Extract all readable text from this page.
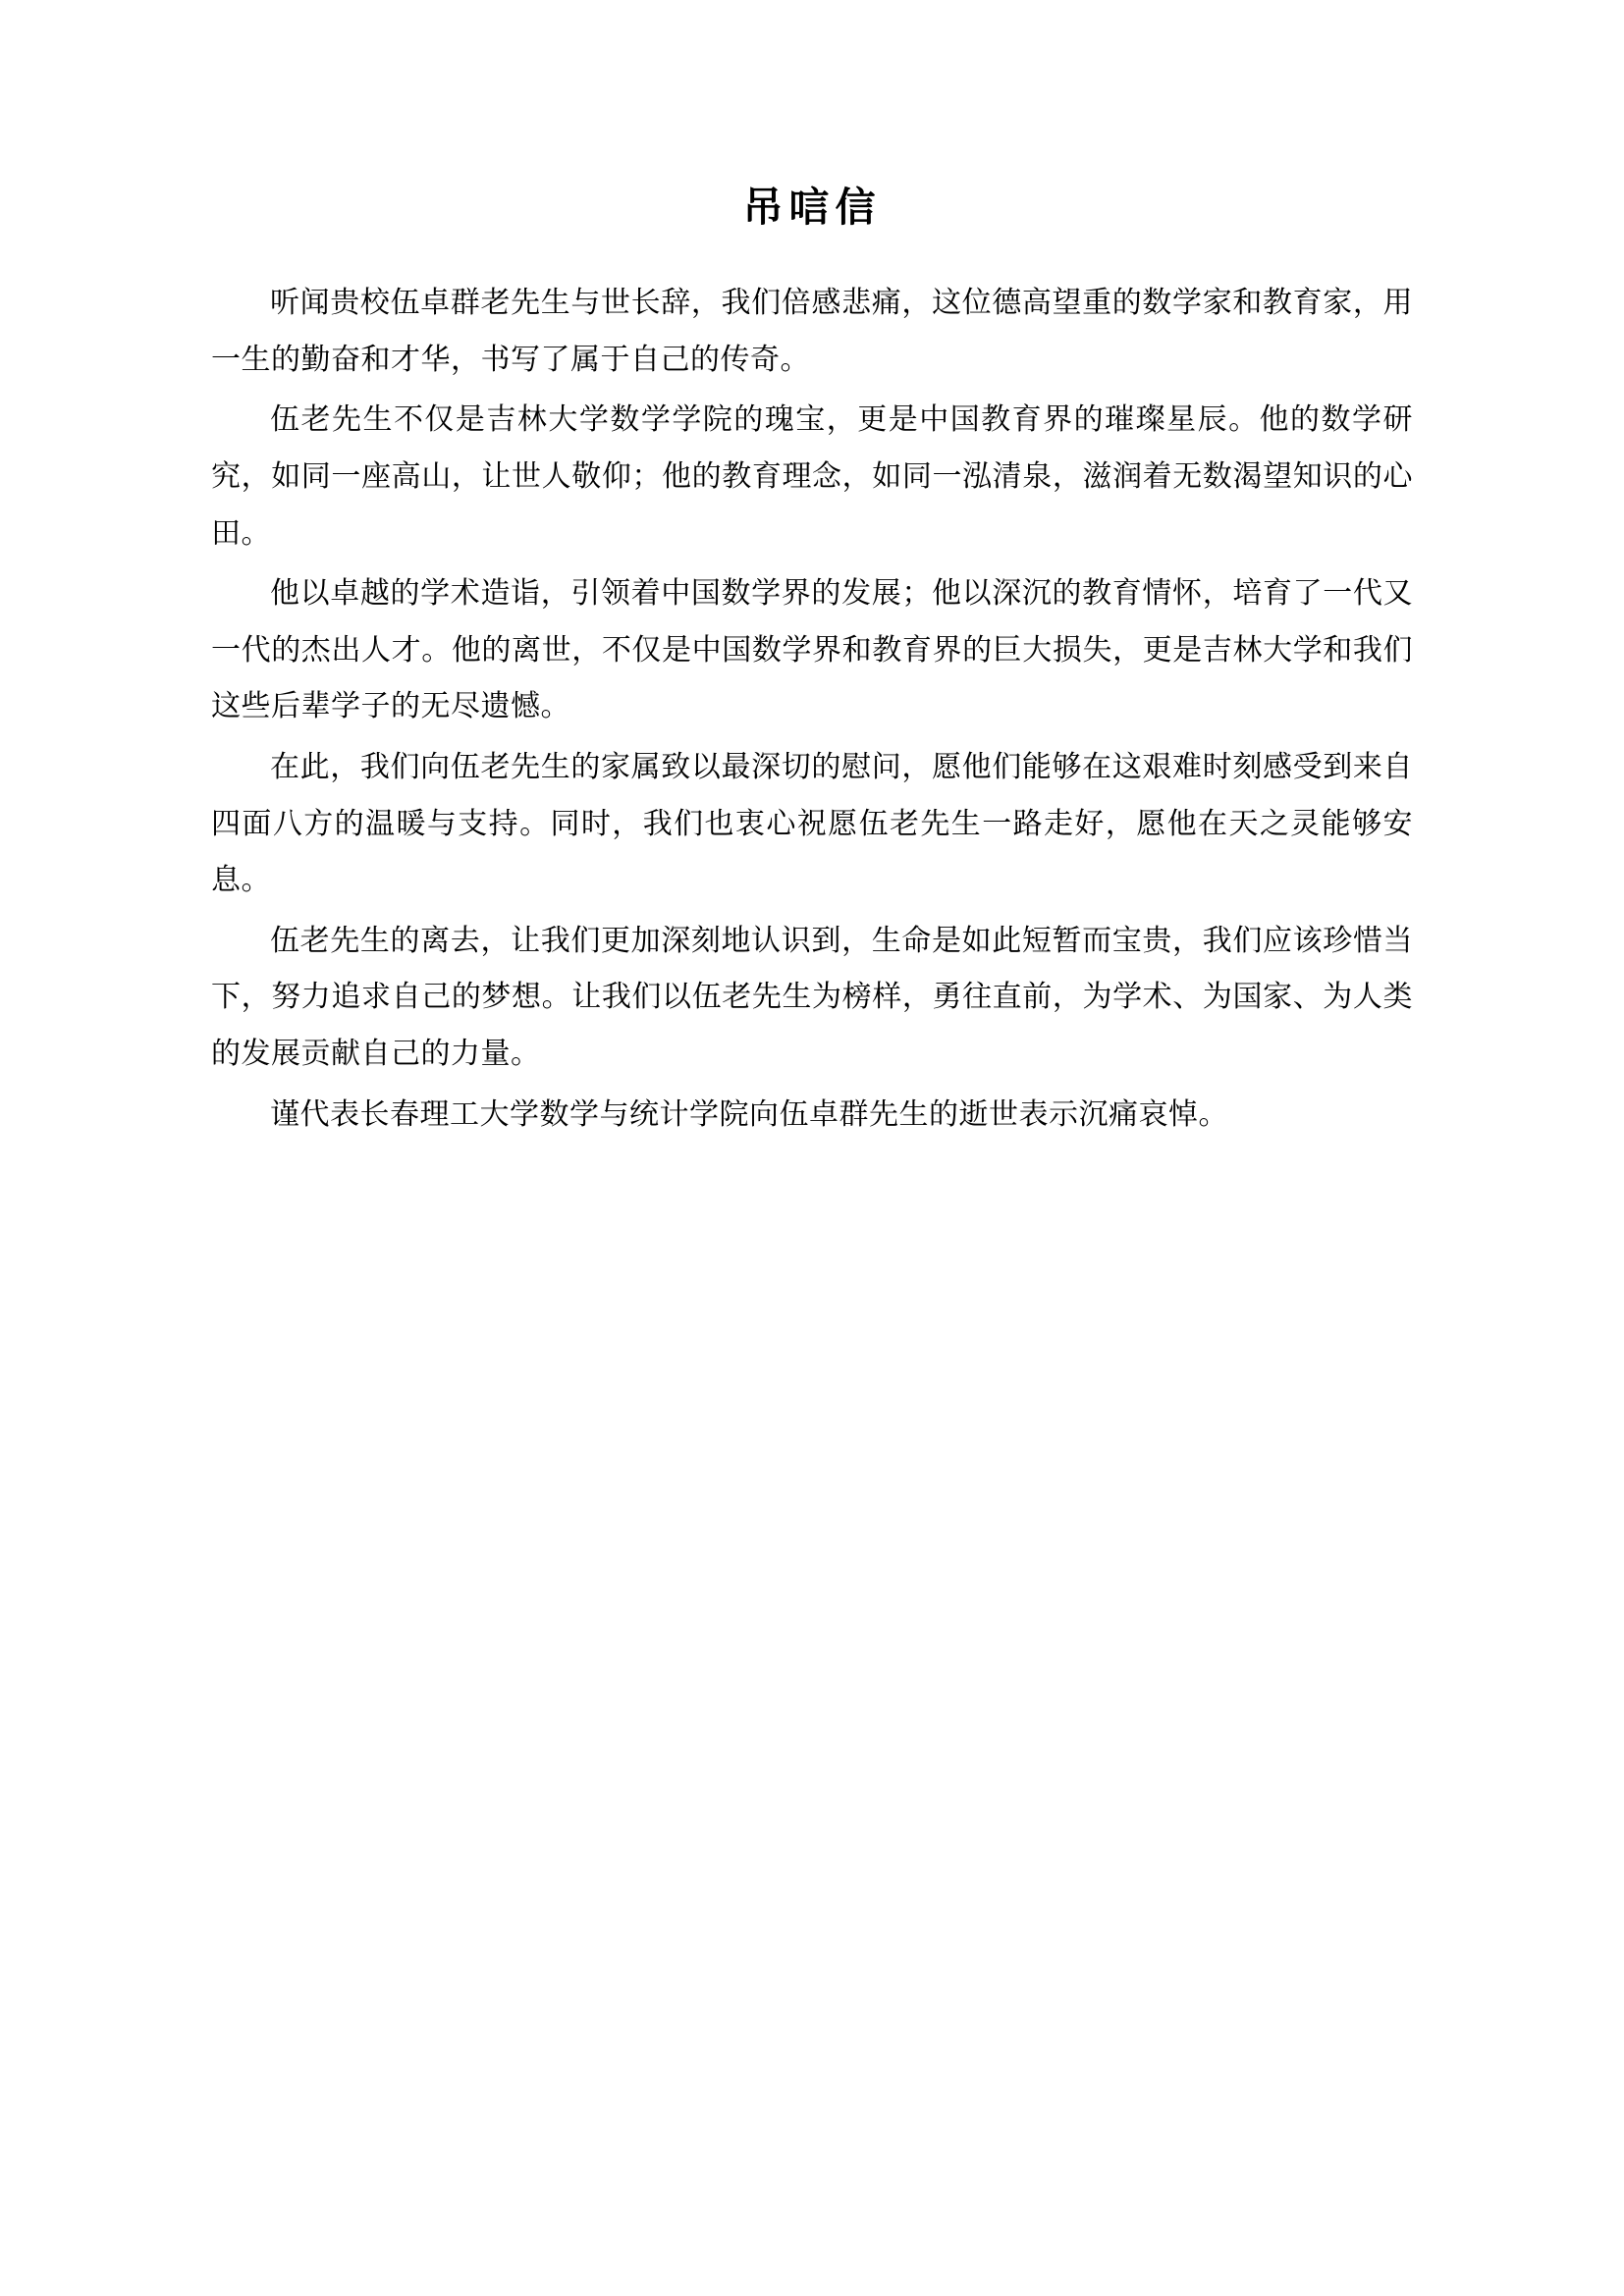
吊唁信

听闻贵校伍卓群老先生与世长辞，我们倍感悲痛，这位德高望重的数学家和教育家，用一生的勤奋和才华，书写了属于自己的传奇。

伍老先生不仅是吉林大学数学学院的瑰宝，更是中国教育界的璀璨星辰。他的数学研究，如同一座高山，让世人敬仰；他的教育理念，如同一泓清泉，滋润着无数渴望知识的心田。

他以卓越的学术造诣，引领着中国数学界的发展；他以深沉的教育情怀，培育了一代又一代的杰出人才。他的离世，不仅是中国数学界和教育界的巨大损失，更是吉林大学和我们这些后辈学子的无尽遗憾。

在此，我们向伍老先生的家属致以最深切的慰问，愿他们能够在这艰难时刻感受到来自四面八方的温暖与支持。同时，我们也衷心祝愿伍老先生一路走好，愿他在天之灵能够安息。

伍老先生的离去，让我们更加深刻地认识到，生命是如此短暂而宝贵，我们应该珍惜当下，努力追求自己的梦想。让我们以伍老先生为榜样，勇往直前，为学术、为国家、为人类的发展贡献自己的力量。

谨代表长春理工大学数学与统计学院向伍卓群先生的逝世表示沉痛哀悼。
